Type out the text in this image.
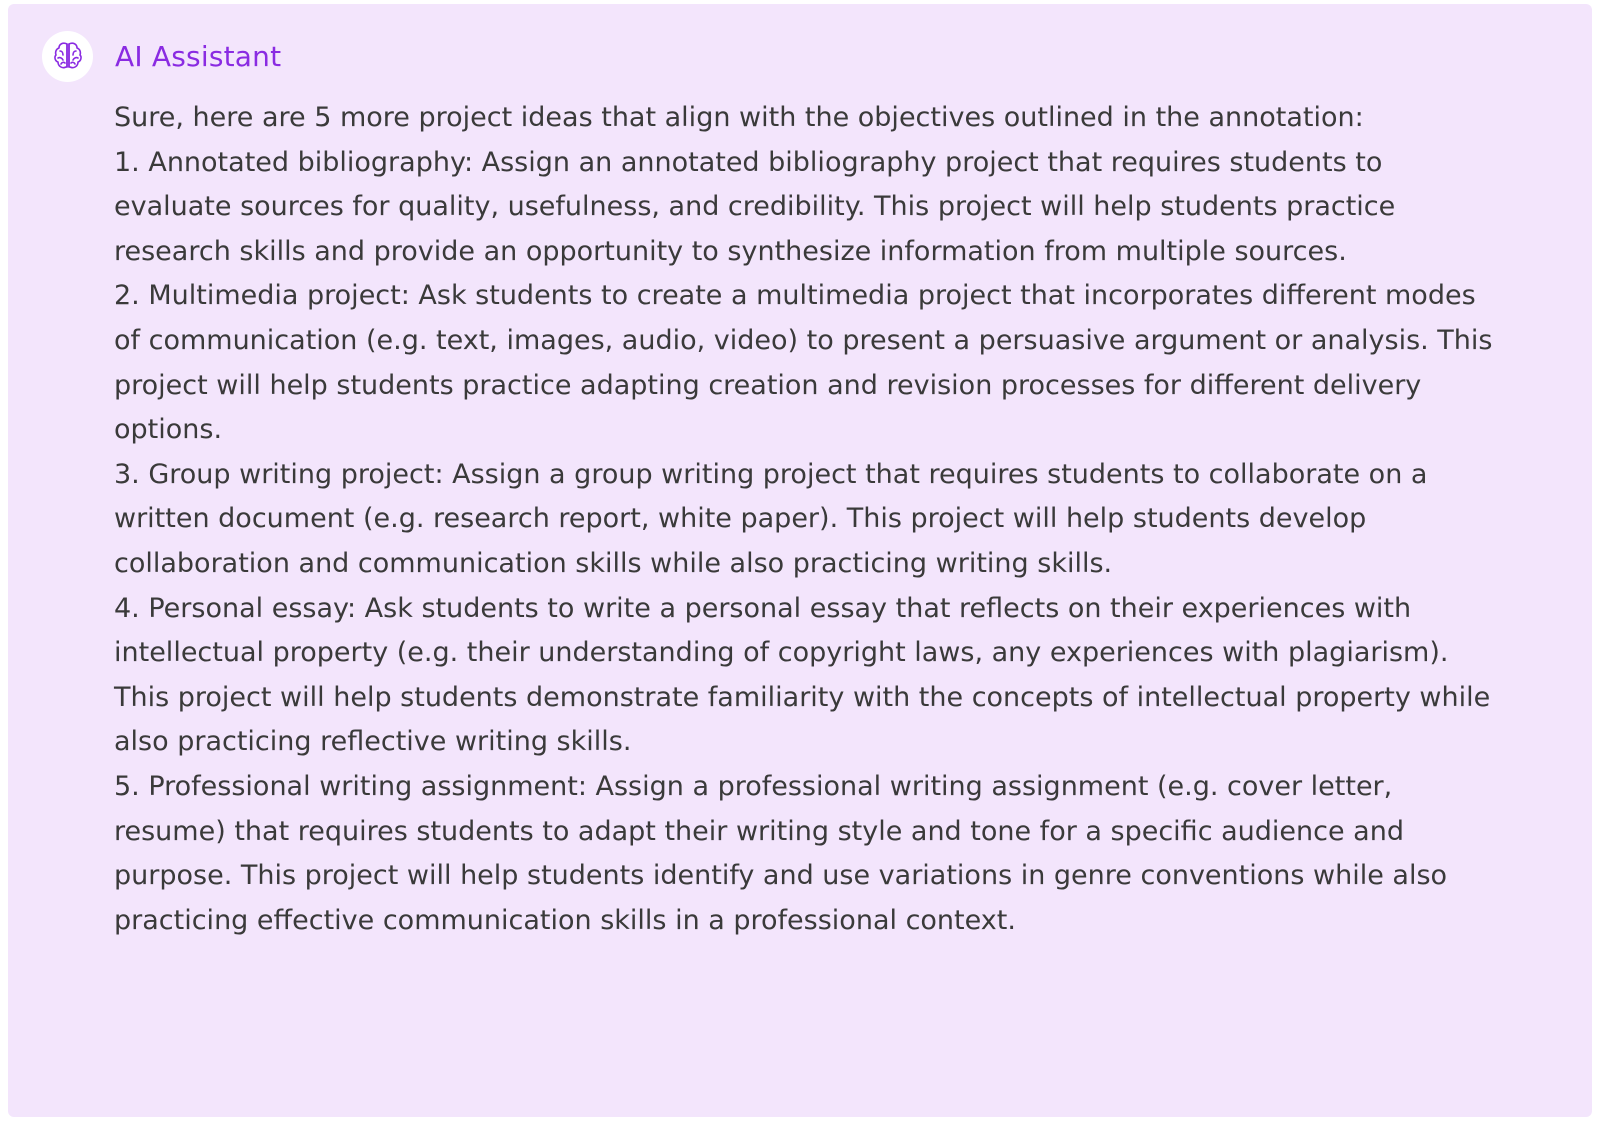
AI Assistant

Sure, here are 5 more project ideas that align with the objectives outlined in the annotation:

1. Annotated bibliography: Assign an annotated bibliography project that requires students to evaluate sources for quality, usefulness, and credibility. This project will help students practice research skills and provide an opportunity to synthesize information from multiple sources.

2. Multimedia project: Ask students to create a multimedia project that incorporates different modes of communication (e.g. text, images, audio, video) to present a persuasive argument or analysis. This project will help students practice adapting creation and revision processes for different delivery options.

3. Group writing project: Assign a group writing project that requires students to collaborate on a written document (e.g. research report, white paper). This project will help students develop collaboration and communication skills while also practicing writing skills.

4. Personal essay: Ask students to write a personal essay that reflects on their experiences with intellectual property (e.g. their understanding of copyright laws, any experiences with plagiarism). This project will help students demonstrate familiarity with the concepts of intellectual property while also practicing reflective writing skills.

5. Professional writing assignment: Assign a professional writing assignment (e.g. cover letter, resume) that requires students to adapt their writing style and tone for a specific audience and purpose. This project will help students identify and use variations in genre conventions while also practicing effective communication skills in a professional context.
